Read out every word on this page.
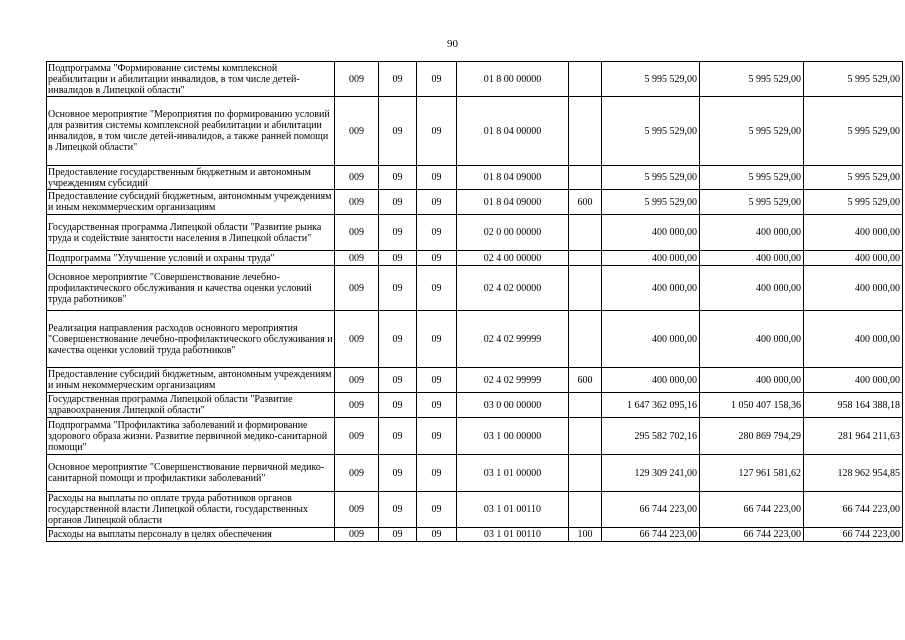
90
Подпрограмма "Формирование системы комплексной реабилитации и абилитации инвалидов, в том числе детей-инвалидов в Липецкой области"	009	09	09	01 8 00 00000		5 995 529,00	5 995 529,00	5 995 529,00
Основное мероприятие "Мероприятия по формированию условий для развития системы комплексной реабилитации и абилитации инвалидов, в том числе детей-инвалидов, а также ранней помощи в Липецкой области"	009	09	09	01 8 04 00000		5 995 529,00	5 995 529,00	5 995 529,00
Предоставление государственным бюджетным и автономным учреждениям субсидий	009	09	09	01 8 04 09000		5 995 529,00	5 995 529,00	5 995 529,00
Предоставление субсидий бюджетным, автономным учреждениям и иным некоммерческим организациям	009	09	09	01 8 04 09000	600	5 995 529,00	5 995 529,00	5 995 529,00
Государственная программа Липецкой области "Развитие рынка труда и содействие занятости населения в Липецкой области"	009	09	09	02 0 00 00000		400 000,00	400 000,00	400 000,00
Подпрограмма "Улучшение условий и охраны труда"	009	09	09	02 4 00 00000		400 000,00	400 000,00	400 000,00
Основное мероприятие "Совершенствование лечебно-профилактического обслуживания и качества оценки условий труда работников"	009	09	09	02 4 02 00000		400 000,00	400 000,00	400 000,00
Реализация направления расходов основного мероприятия "Совершенствование лечебно-профилактического обслуживания и качества оценки условий труда работников"	009	09	09	02 4 02 99999		400 000,00	400 000,00	400 000,00
Предоставление субсидий бюджетным, автономным учреждениям и иным некоммерческим организациям	009	09	09	02 4 02 99999	600	400 000,00	400 000,00	400 000,00
Государственная программа Липецкой области "Развитие здравоохранения Липецкой области"	009	09	09	03 0 00 00000		1 647 362 095,16	1 050 407 158,36	958 164 388,18
Подпрограмма "Профилактика заболеваний и формирование здорового образа жизни. Развитие первичной медико-санитарной помощи"	009	09	09	03 1 00 00000		295 582 702,16	280 869 794,29	281 964 211,63
Основное мероприятие "Совершенствование первичной медико-санитарной помощи и профилактики заболеваний"	009	09	09	03 1 01 00000		129 309 241,00	127 961 581,62	128 962 954,85
Расходы на выплаты по оплате труда работников органов государственной власти Липецкой области, государственных органов Липецкой области	009	09	09	03 1 01 00110		66 744 223,00	66 744 223,00	66 744 223,00
Расходы на выплаты персоналу в целях обеспечения	009	09	09	03 1 01 00110	100	66 744 223,00	66 744 223,00	66 744 223,00
